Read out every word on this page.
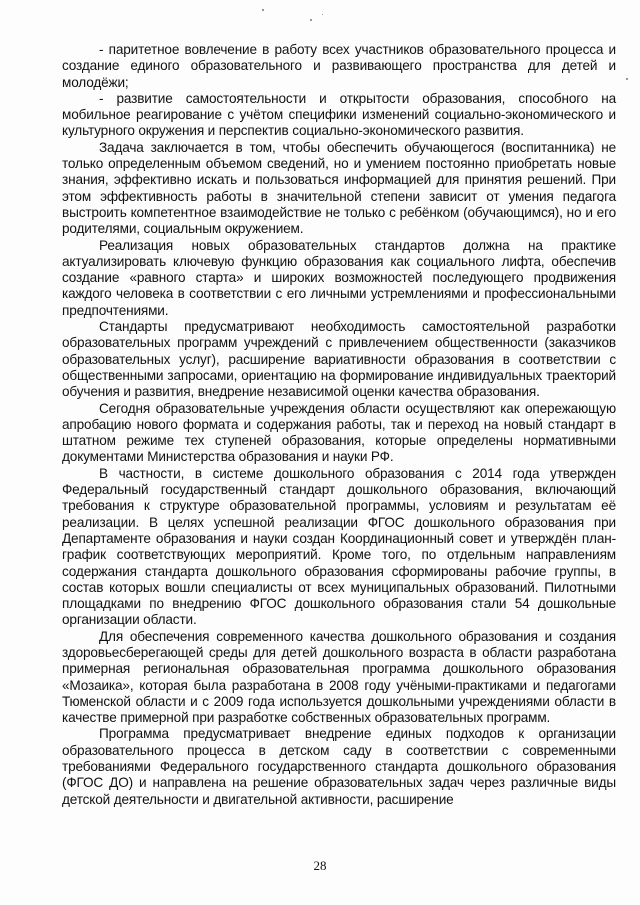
- паритетное вовлечение в работу всех участников образовательного процесса и создание единого образовательного и развивающего пространства для детей и молодёжи;

- развитие самостоятельности и открытости образования, способного на мобильное реагирование с учётом специфики изменений социально-экономического и культурного окружения и перспектив социально-экономического развития.

Задача заключается в том, чтобы обеспечить обучающегося (воспитанника) не только определенным объемом сведений, но и умением постоянно приобретать новые знания, эффективно искать и пользоваться информацией для принятия решений. При этом эффективность работы в значительной степени зависит от умения педагога выстроить компетентное взаимодействие не только с ребёнком (обучающимся), но и его родителями, социальным окружением.

Реализация новых образовательных стандартов должна на практике актуализировать ключевую функцию образования как социального лифта, обеспечив создание «равного старта» и широких возможностей последующего продвижения каждого человека в соответствии с его личными устремлениями и профессиональными предпочтениями.

Стандарты предусматривают необходимость самостоятельной разработки образовательных программ учреждений с привлечением общественности (заказчиков образовательных услуг), расширение вариативности образования в соответствии с общественными запросами, ориентацию на формирование индивидуальных траекторий обучения и развития, внедрение независимой оценки качества образования.

Сегодня образовательные учреждения области осуществляют как опережающую апробацию нового формата и содержания работы, так и переход на новый стандарт в штатном режиме тех ступеней образования, которые определены нормативными документами Министерства образования и науки РФ.

В частности, в системе дошкольного образования с 2014 года утвержден Федеральный государственный стандарт дошкольного образования, включающий требования к структуре образовательной программы, условиям и результатам её реализации. В целях успешной реализации ФГОС дошкольного образования при Департаменте образования и науки создан Координационный совет и утверждён план-график соответствующих мероприятий. Кроме того, по отдельным направлениям содержания стандарта дошкольного образования сформированы рабочие группы, в состав которых вошли специалисты от всех муниципальных образований. Пилотными площадками по внедрению ФГОС дошкольного образования стали 54 дошкольные организации области.

Для обеспечения современного качества дошкольного образования и создания здоровьесберегающей среды для детей дошкольного возраста в области разработана примерная региональная образовательная программа дошкольного образования «Мозаика», которая была разработана в 2008 году учёными-практиками и педагогами Тюменской области и с 2009 года используется дошкольными учреждениями области в качестве примерной при разработке собственных образовательных программ.

Программа предусматривает внедрение единых подходов к организации образовательного процесса в детском саду в соответствии с современными требованиями Федерального государственного стандарта дошкольного образования (ФГОС ДО) и направлена на решение образовательных задач через различные виды детской деятельности и двигательной активности, расширение

28
